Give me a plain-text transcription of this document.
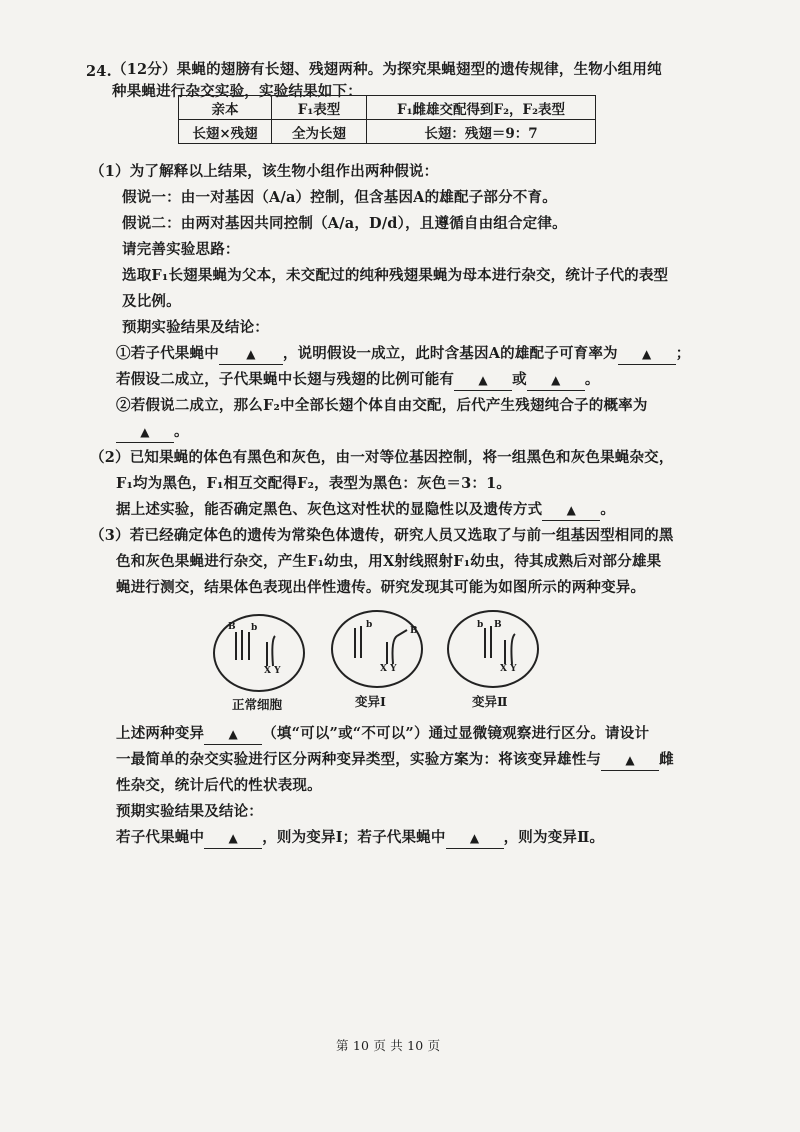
24. （12分）果蝇的翅膀有长翅、残翅两种。为探究果蝇翅型的遗传规律，生物小组用纯
种果蝇进行杂交实验，实验结果如下：
亲本	F₁表型	F₁雌雄交配得到F₂，F₂表型
长翅×残翅	全为长翅	长翅：残翅＝9：7
（1）为了解释以上结果，该生物小组作出两种假说：
假说一：由一对基因（A/a）控制，但含基因A的雄配子部分不育。
假说二：由两对基因共同控制（A/a，D/d），且遵循自由组合定律。
请完善实验思路：
选取F₁长翅果蝇为父本，未交配过的纯种残翅果蝇为母本进行杂交，统计子代的表型
及比例。
预期实验结果及结论：
①若子代果蝇中 ▲ ，说明假设一成立，此时含基因A的雄配子可育率为 ▲ ；
若假设二成立，子代果蝇中长翅与残翅的比例可能有 ▲ 或 ▲ 。
②若假说二成立，那么F₂中全部长翅个体自由交配，后代产生残翅纯合子的概率为
▲ 。
（2）已知果蝇的体色有黑色和灰色，由一对等位基因控制，将一组黑色和灰色果蝇杂交，
F₁均为黑色，F₁相互交配得F₂，表型为黑色：灰色＝3：1。
据上述实验，能否确定黑色、灰色这对性状的显隐性以及遗传方式 ▲ 。
（3）若已经确定体色的遗传为常染色体遗传，研究人员又选取了与前一组基因型相同的黑
色和灰色果蝇进行杂交，产生F₁幼虫，用X射线照射F₁幼虫，待其成熟后对部分雄果
蝇进行测交，结果体色表现出伴性遗传。研究发现其可能为如图所示的两种变异。
B b
X Y
正常细胞
b
B
X Y
变异Ⅰ
b B
X Y
变异Ⅱ
上述两种变异 ▲ （填“可以”或“不可以”）通过显微镜观察进行区分。请设计
一最简单的杂交实验进行区分两种变异类型，实验方案为：将该变异雄性与 ▲ 雌
性杂交，统计后代的性状表现。
预期实验结果及结论：
若子代果蝇中 ▲ ，则为变异Ⅰ；若子代果蝇中 ▲ ，则为变异Ⅱ。
第 10 页 共 10 页
